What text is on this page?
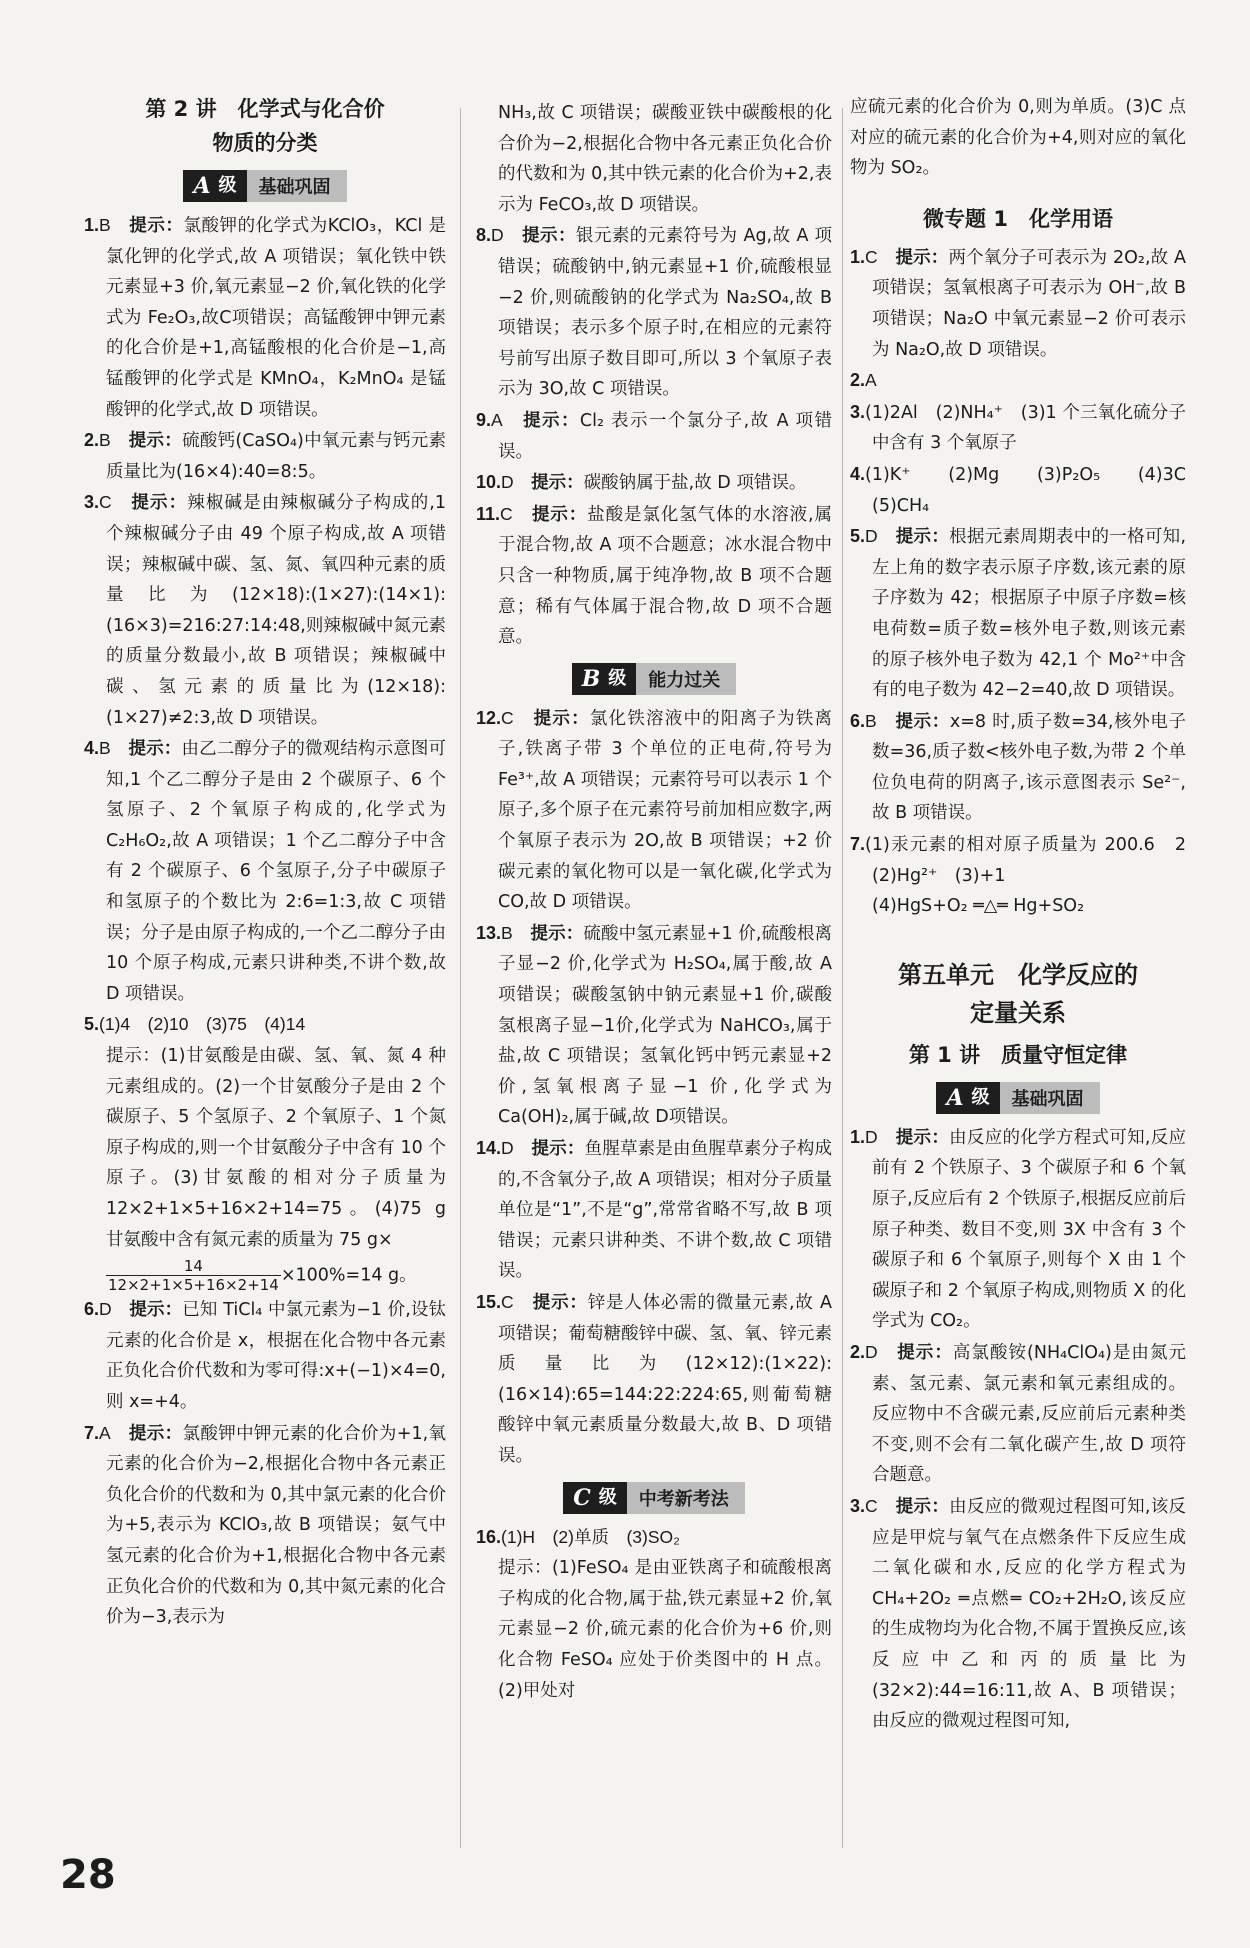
第 2 讲　化学式与化合价
物质的分类
A 级	基础巩固

1.B　 提示：氯酸钾的化学式为KClO₃，KCl 是氯化钾的化学式,故 A 项错误；氧化铁中铁元素显+3 价,氧元素显−2 价,氧化铁的化学式为 Fe₂O₃,故C项错误；高锰酸钾中钾元素的化合价是+1,高锰酸根的化合价是−1,高锰酸钾的化学式是 KMnO₄，K₂MnO₄ 是锰酸钾的化学式,故 D 项错误。

2.B　 提示：硫酸钙(CaSO₄)中氧元素与钙元素质量比为(16×4):40=8:5。

3.C　 提示：辣椒碱是由辣椒碱分子构成的,1 个辣椒碱分子由 49 个原子构成,故 A 项错误；辣椒碱中碳、氢、氮、氧四种元素的质量比为(12×18):(1×27):(14×1):(16×3)=216:27:14:48,则辣椒碱中氮元素的质量分数最小,故 B 项错误；辣椒碱中碳、氢元素的质量比为(12×18):(1×27)≠2:3,故 D 项错误。

4.B　 提示：由乙二醇分子的微观结构示意图可知,1 个乙二醇分子是由 2 个碳原子、6 个氢原子、2 个氧原子构成的,化学式为 C₂H₆O₂,故 A 项错误；1 个乙二醇分子中含有 2 个碳原子、6 个氢原子,分子中碳原子和氢原子的个数比为 2:6=1:3,故 C 项错误；分子是由原子构成的,一个乙二醇分子由 10 个原子构成,元素只讲种类,不讲个数,故 D 项错误。

5.(1)4　(2)10　(3)75　(4)14

提示：(1)甘氨酸是由碳、氢、氧、氮 4 种元素组成的。(2)一个甘氨酸分子是由 2 个碳原子、5 个氢原子、2 个氧原子、1 个氮原子构成的,则一个甘氨酸分子中含有 10 个原子。(3)甘氨酸的相对分子质量为 12×2+1×5+16×2+14=75。(4)75 g 甘氨酸中含有氮元素的质量为 75 g×

$\frac{14}{12\times 2+1\times 5+16\times 2+14} \times 100\%=14$ g。

6.D　 提示：已知 TiCl₄ 中氯元素为−1 价,设钛元素的化合价是 x，根据在化合物中各元素正负化合价代数和为零可得:x+(−1)×4=0,则 x=+4。

7.A　 提示：氯酸钾中钾元素的化合价为+1,氧元素的化合价为−2,根据化合物中各元素正负化合价的代数和为 0,其中氯元素的化合价为+5,表示为 KClO₃,故 B 项错误；氨气中氢元素的化合价为+1,根据化合物中各元素正负化合价的代数和为 0,其中氮元素的化合价为−3,表示为

NH₃,故 C 项错误；碳酸亚铁中碳酸根的化合价为−2,根据化合物中各元素正负化合价的代数和为 0,其中铁元素的化合价为+2,表示为 FeCO₃,故 D 项错误。

8.D　 提示：银元素的元素符号为 Ag,故 A 项错误；硫酸钠中,钠元素显+1 价,硫酸根显−2 价,则硫酸钠的化学式为 Na₂SO₄,故 B 项错误；表示多个原子时,在相应的元素符号前写出原子数目即可,所以 3 个氧原子表示为 3O,故 C 项错误。

9.A　 提示：Cl₂ 表示一个氯分子,故 A 项错误。

10.D　 提示：碳酸钠属于盐,故 D 项错误。

11.C　 提示：盐酸是氯化氢气体的水溶液,属于混合物,故 A 项不合题意；冰水混合物中只含一种物质,属于纯净物,故 B 项不合题意；稀有气体属于混合物,故 D 项不合题意。

B 级	能力过关

12.C　 提示：氯化铁溶液中的阳离子为铁离子,铁离子带 3 个单位的正电荷,符号为 Fe³⁺,故 A 项错误；元素符号可以表示 1 个原子,多个原子在元素符号前加相应数字,两个氧原子表示为 2O,故 B 项错误；+2 价碳元素的氧化物可以是一氧化碳,化学式为 CO,故 D 项错误。

13.B　 提示：硫酸中氢元素显+1 价,硫酸根离子显−2 价,化学式为 H₂SO₄,属于酸,故 A 项错误；碳酸氢钠中钠元素显+1 价,碳酸氢根离子显−1价,化学式为 NaHCO₃,属于盐,故 C 项错误；氢氧化钙中钙元素显+2 价,氢氧根离子显−1 价,化学式为 Ca(OH)₂,属于碱,故 D项错误。

14.D　 提示：鱼腥草素是由鱼腥草素分子构成的,不含氧分子,故 A 项错误；相对分子质量单位是“1”,不是“g”,常常省略不写,故 B 项错误；元素只讲种类、不讲个数,故 C 项错误。

15.C　 提示：锌是人体必需的微量元素,故 A 项错误；葡萄糖酸锌中碳、氢、氧、锌元素质量比为(12×12):(1×22):(16×14):65=144:22:224:65,则葡萄糖酸锌中氧元素质量分数最大,故 B、D 项错误。

C 级	中考新考法

16.(1)H　(2)单质　(3)SO₂

提示：(1)FeSO₄ 是由亚铁离子和硫酸根离子构成的化合物,属于盐,铁元素显+2 价,氧元素显−2 价,硫元素的化合价为+6 价,则化合物 FeSO₄ 应处于价类图中的 H 点。(2)甲处对

应硫元素的化合价为 0,则为单质。(3)C 点对应的硫元素的化合价为+4,则对应的氧化物为 SO₂。

微专题 1　化学用语

1.C　 提示：两个氧分子可表示为 2O₂,故 A 项错误；氢氧根离子可表示为 OH⁻,故 B 项错误；Na₂O 中氧元素显−2 价可表示为 Na₂O,故 D 项错误。

2.A

3.(1)2Al　(2)NH₄⁺　(3)1 个三氧化硫分子中含有 3 个氧原子

4.(1)K⁺　(2)Mg　(3)P₂O₅　(4)3C　(5)CH₄

5.D　 提示：根据元素周期表中的一格可知,左上角的数字表示原子序数,该元素的原子序数为 42；根据原子中原子序数=核电荷数=质子数=核外电子数,则该元素的原子核外电子数为 42,1 个 Mo²⁺中含有的电子数为 42−2=40,故 D 项错误。

6.B　 提示：x=8 时,质子数=34,核外电子数=36,质子数<核外电子数,为带 2 个单位负电荷的阴离子,该示意图表示 Se²⁻,故 B 项错误。

7.(1)汞元素的相对原子质量为 200.6　2　(2)Hg²⁺　(3)+1

(4)HgS+O₂ ═△═ Hg+SO₂

第五单元　化学反应的
定量关系
第 1 讲　质量守恒定律
A 级	基础巩固

1.D　 提示：由反应的化学方程式可知,反应前有 2 个铁原子、3 个碳原子和 6 个氧原子,反应后有 2 个铁原子,根据反应前后原子种类、数目不变,则 3X 中含有 3 个碳原子和 6 个氧原子,则每个 X 由 1 个碳原子和 2 个氧原子构成,则物质 X 的化学式为 CO₂。

2.D　 提示：高氯酸铵(NH₄ClO₄)是由氮元素、氢元素、氯元素和氧元素组成的。反应物中不含碳元素,反应前后元素种类不变,则不会有二氧化碳产生,故 D 项符合题意。

3.C　 提示：由反应的微观过程图可知,该反应是甲烷与氧气在点燃条件下反应生成二氧化碳和水,反应的化学方程式为 CH₄+2O₂ ═点燃═ CO₂+2H₂O,该反应的生成物均为化合物,不属于置换反应,该反应中乙和丙的质量比为(32×2):44=16:11,故 A、B 项错误；由反应的微观过程图可知,

28
